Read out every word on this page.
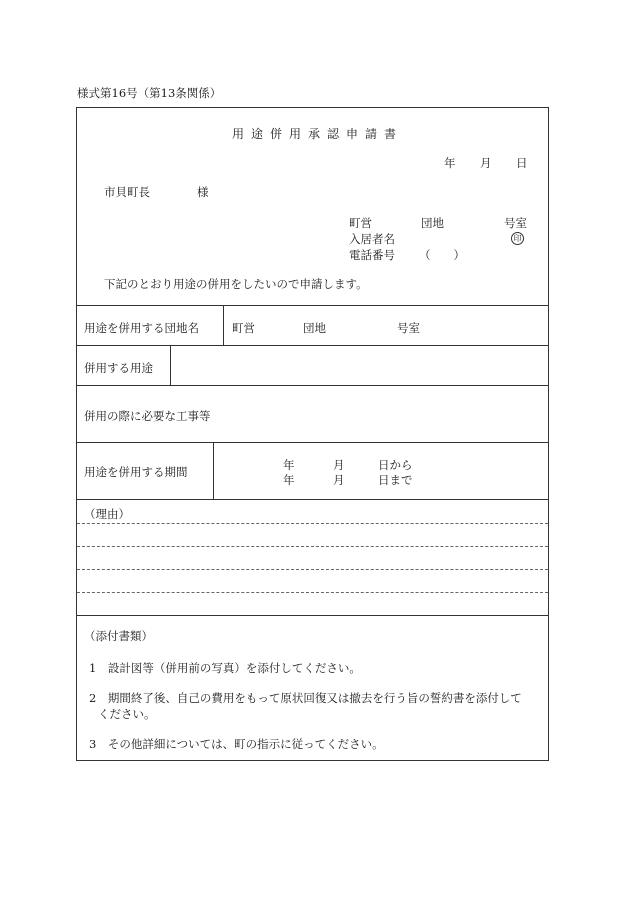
様式第16号（第13条関係）
用途併用承認申請書
年 月 日
市貝町長	様
町営	団地	号室
入居者名	印
電話番号 （　　）
下記のとおり用途の併用をしたいので申請します。
用途を併用する団地名	町営	団地	号室
併用する用途
併用の際に必要な工事等
用途を併用する期間	年	月	日から
年	月	日まで
（理由）
（添付書類）
1　設計図等（併用前の写真）を添付してください。
2　期間終了後、自己の費用をもって原状回復又は撤去を行う旨の誓約書を添付して
ください。
3　その他詳細については、町の指示に従ってください。
